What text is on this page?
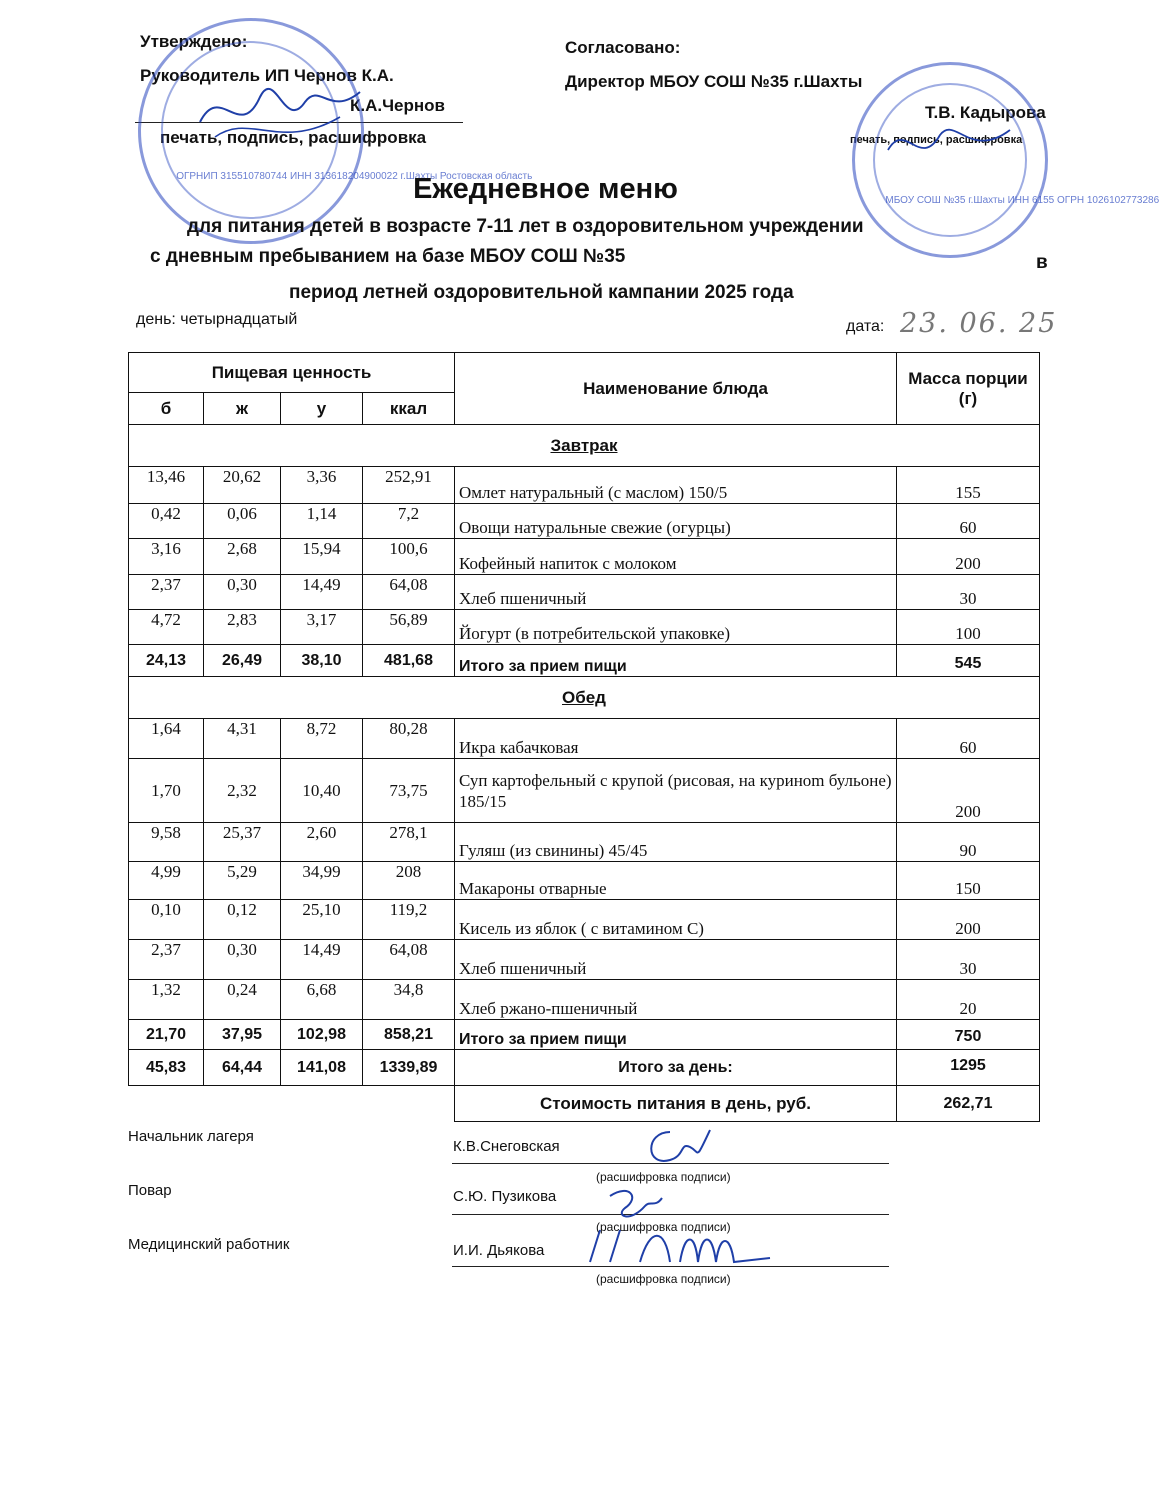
Утверждено:
Руководитель ИП Чернов К.А.
К.А.Чернов
печать, подпись, расшифровка
Согласовано:
Директор МБОУ СОШ №35 г.Шахты
Т.В. Кадырова
печать, подпись, расшифровка
ОГРНИП 315510780744 ИНН 313618204900022 г.Шахты Ростовская область
МБОУ СОШ №35 г.Шахты ИНН 6155 ОГРН 1026102773286
Ежедневное меню
для питания детей в возрасте 7-11 лет в оздоровительном учреждении
с дневным пребыванием на базе МБОУ СОШ №35	в
период летней оздоровительной кампании 2025 года
день: четырнадцатый	дата: 23. 06. 25
Пищевая ценность				Наименование блюда	Масса порции (г)
б	ж	у	ккал		
Завтрак					
13,46	20,62	3,36	252,91	Омлет натуральный (с маслом) 150/5	155
0,42	0,06	1,14	7,2	Овощи натуральные свежие (огурцы)	60
3,16	2,68	15,94	100,6	Кофейный напиток с молоком	200
2,37	0,30	14,49	64,08	Хлеб пшеничный	30
4,72	2,83	3,17	56,89	Йогурт (в потребительской упаковке)	100
24,13	26,49	38,10	481,68	Итого за прием пищи	545
Обед					
1,64	4,31	8,72	80,28	Икра кабачковая	60
1,70	2,32	10,40	73,75	Суп картофельный с крупой (рисовая, на куриноm бульоне) 185/15	200
9,58	25,37	2,60	278,1	Гуляш (из свинины) 45/45	90
4,99	5,29	34,99	208	Макароны отварные	150
0,10	0,12	25,10	119,2	Кисель из яблок ( с витамином С)	200
2,37	0,30	14,49	64,08	Хлеб пшеничный	30
1,32	0,24	6,68	34,8	Хлеб ржано-пшеничный	20
21,70	37,95	102,98	858,21	Итого за прием пищи	750
45,83	64,44	141,08	1339,89	Итого за день:	1295
				Стоимость питания в день, руб.	262,71
Начальник лагеря
К.В.Снеговская
(расшифровка подписи)
Повар	С.Ю. Пузикова
(расшифровка подписи)
Медицинский работник	И.И. Дьякова
(расшифровка подписи)
